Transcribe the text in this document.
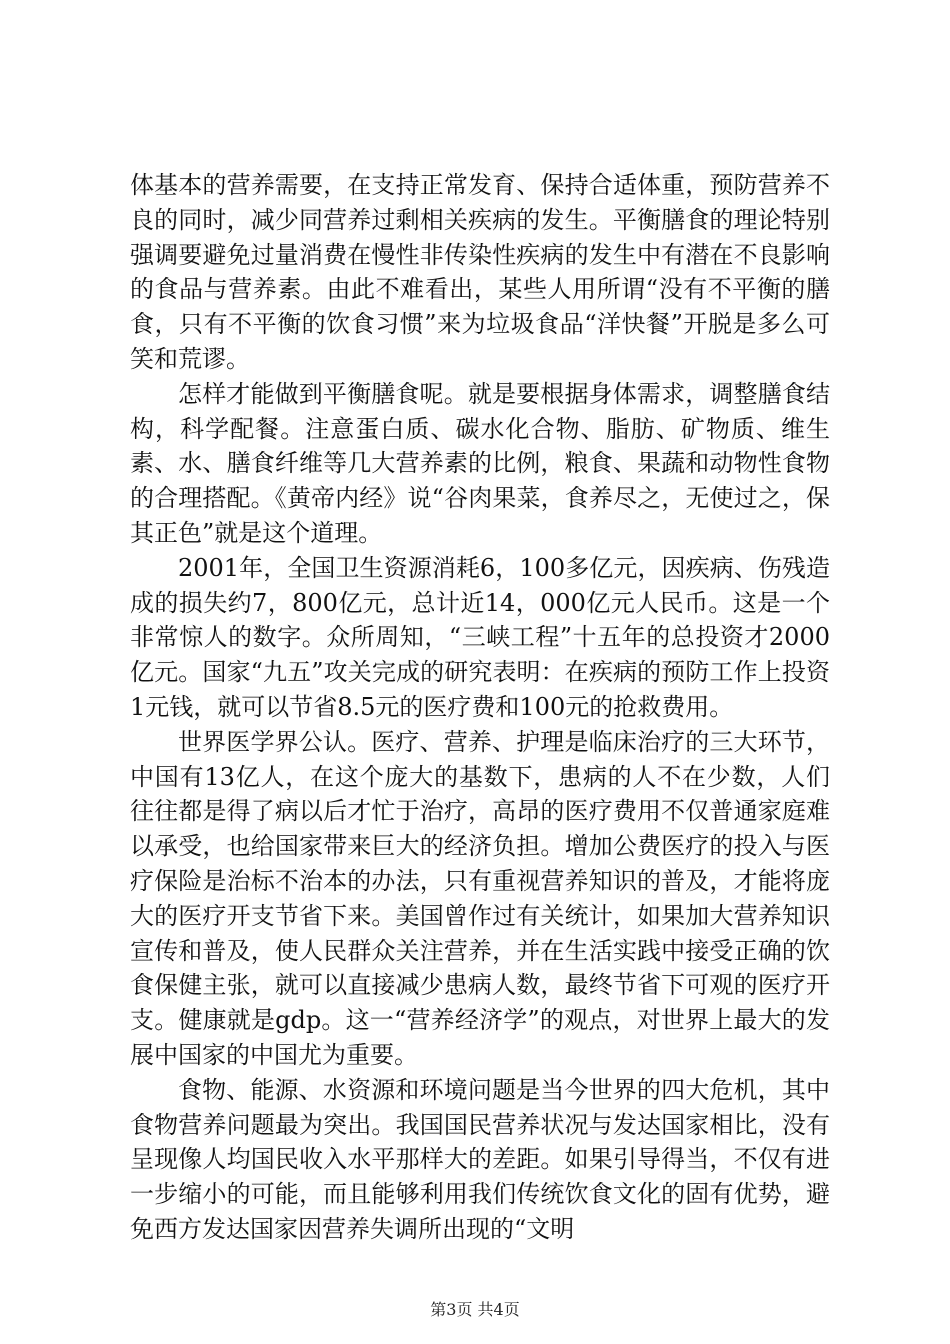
体基本的营养需要，在支持正常发育、保持合适体重，预防营养不良的同时，减少同营养过剩相关疾病的发生。平衡膳食的理论特别强调要避免过量消费在慢性非传染性疾病的发生中有潜在不良影响的食品与营养素。由此不难看出，某些人用所谓“没有不平衡的膳食，只有不平衡的饮食习惯”来为垃圾食品“洋快餐”开脱是多么可笑和荒谬。

怎样才能做到平衡膳食呢。就是要根据身体需求，调整膳食结构，科学配餐。注意蛋白质、碳水化合物、脂肪、矿物质、维生素、水、膳食纤维等几大营养素的比例，粮食、果蔬和动物性食物的合理搭配。《黄帝内经》说“谷肉果菜，食养尽之，无使过之，保其正色”就是这个道理。

2001年，全国卫生资源消耗6，100多亿元，因疾病、伤残造成的损失约7，800亿元，总计近14，000亿元人民币。这是一个非常惊人的数字。众所周知，“三峡工程”十五年的总投资才2000亿元。国家“九五”攻关完成的研究表明：在疾病的预防工作上投资1元钱，就可以节省8.5元的医疗费和100元的抢救费用。

世界医学界公认。医疗、营养、护理是临床治疗的三大环节，中国有13亿人，在这个庞大的基数下，患病的人不在少数，人们往往都是得了病以后才忙于治疗，高昂的医疗费用不仅普通家庭难以承受，也给国家带来巨大的经济负担。增加公费医疗的投入与医疗保险是治标不治本的办法，只有重视营养知识的普及，才能将庞大的医疗开支节省下来。美国曾作过有关统计，如果加大营养知识宣传和普及，使人民群众关注营养，并在生活实践中接受正确的饮食保健主张，就可以直接减少患病人数，最终节省下可观的医疗开支。健康就是gdp。这一“营养经济学”的观点，对世界上最大的发展中国家的中国尤为重要。

食物、能源、水资源和环境问题是当今世界的四大危机，其中食物营养问题最为突出。我国国民营养状况与发达国家相比，没有呈现像人均国民收入水平那样大的差距。如果引导得当，不仅有进一步缩小的可能，而且能够利用我们传统饮食文化的固有优势，避免西方发达国家因营养失调所出现的“文明

第3页 共4页
